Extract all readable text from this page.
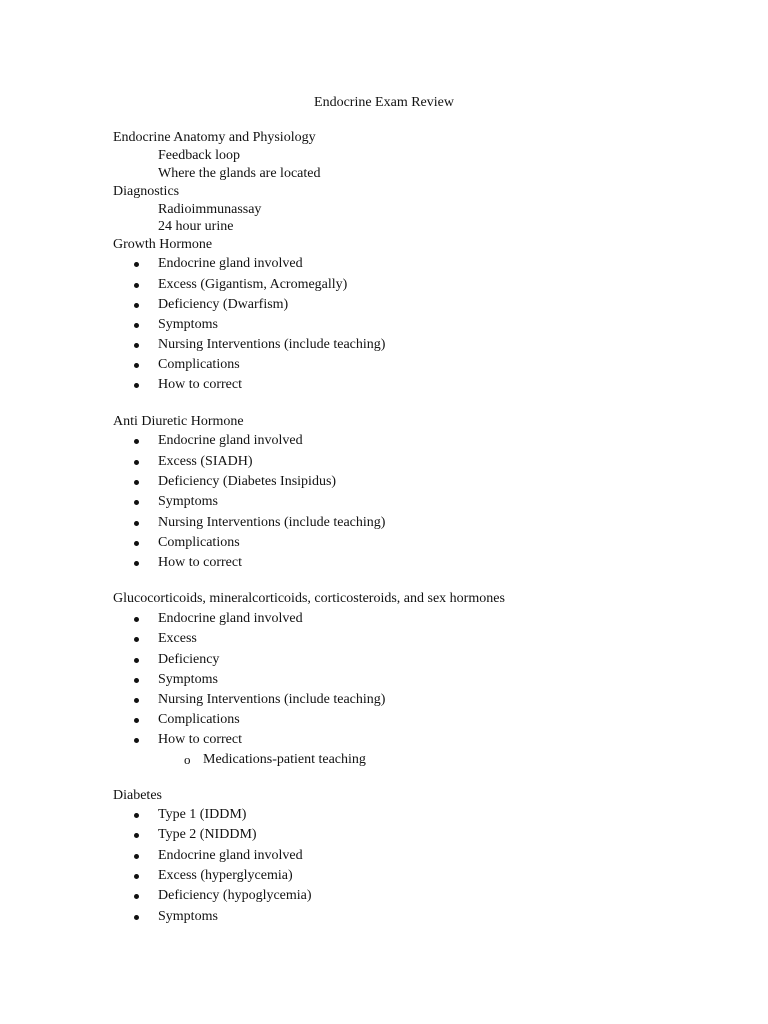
Endocrine Exam Review
Endocrine Anatomy and Physiology
Feedback loop
Where the glands are located
Diagnostics
Radioimmunassay
24 hour urine
Growth Hormone
Endocrine gland involved
Excess (Gigantism, Acromegally)
Deficiency (Dwarfism)
Symptoms
Nursing Interventions (include teaching)
Complications
How to correct
Anti Diuretic Hormone
Endocrine gland involved
Excess (SIADH)
Deficiency (Diabetes Insipidus)
Symptoms
Nursing Interventions (include teaching)
Complications
How to correct
Glucocorticoids, mineralcorticoids, corticosteroids, and sex hormones
Endocrine gland involved
Excess
Deficiency
Symptoms
Nursing Interventions (include teaching)
Complications
How to correct
o Medications-patient teaching
Diabetes
Type 1 (IDDM)
Type 2 (NIDDM)
Endocrine gland involved
Excess (hyperglycemia)
Deficiency (hypoglycemia)
Symptoms
